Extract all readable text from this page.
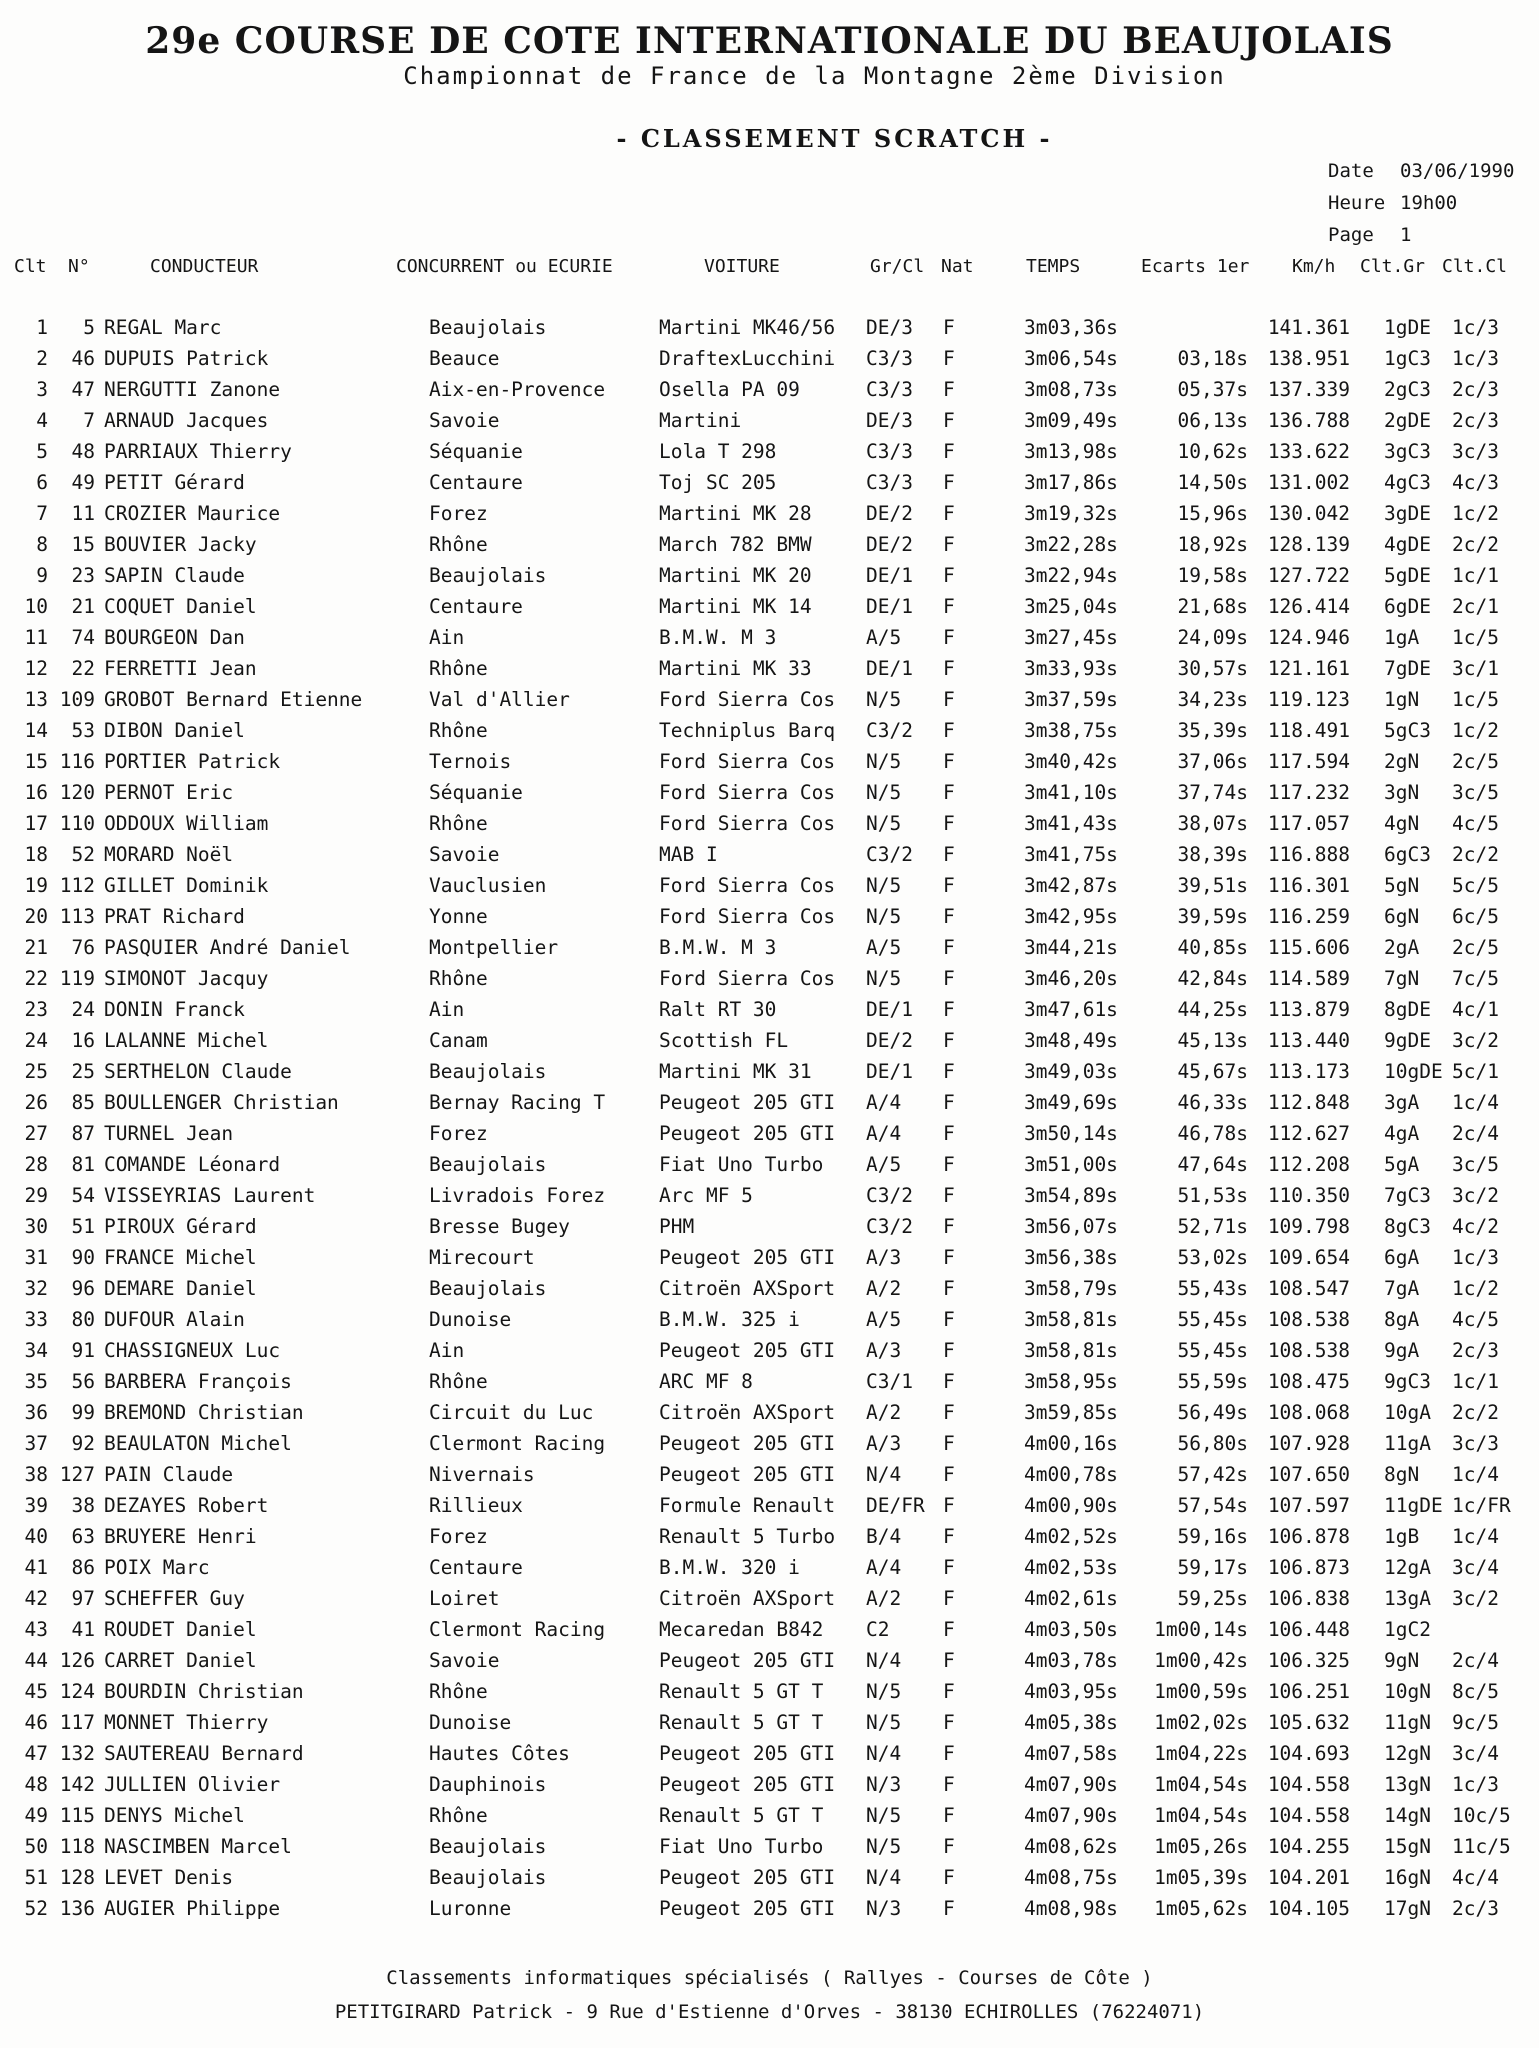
29e COURSE DE COTE INTERNATIONALE DU BEAUJOLAIS
Championnat de France de la Montagne 2ème Division
- CLASSEMENT SCRATCH -
Date 03/06/1990
Heure 19h00
Page 1
Clt N°	CONDUCTEUR	CONCURRENT ou ECURIE	VOITURE	Gr/Cl Nat	TEMPS	Ecarts 1er Km/h Clt.Gr Clt.Cl
1	5 REGAL Marc	Beaujolais	Martini MK46/56 DE/3 F	3m03,36s	141.361 1gDE 1c/3
2	46 DUPUIS Patrick	Beauce	DraftexLucchini C3/3 F	3m06,54s	03,18s 138.951 1gC3 1c/3
3	47 NERGUTTI Zanone	Aix-en-Provence	Osella PA 09	C3/3 F	3m08,73s	05,37s 137.339 2gC3 2c/3
4	7 ARNAUD Jacques	Savoie	Martini	DE/3 F	3m09,49s	06,13s 136.788 2gDE 2c/3
5	48 PARRIAUX Thierry	Séquanie	Lola T 298	C3/3 F	3m13,98s	10,62s 133.622 3gC3 3c/3
6	49 PETIT Gérard	Centaure	Toj SC 205	C3/3 F	3m17,86s	14,50s 131.002 4gC3 4c/3
7	11 CROZIER Maurice	Forez	Martini MK 28	DE/2 F	3m19,32s	15,96s 130.042 3gDE 1c/2
8	15 BOUVIER Jacky	Rhône	March 782 BMW	DE/2 F	3m22,28s	18,92s 128.139 4gDE 2c/2
9	23 SAPIN Claude	Beaujolais	Martini MK 20	DE/1 F	3m22,94s	19,58s 127.722 5gDE 1c/1
10	21 COQUET Daniel	Centaure	Martini MK 14	DE/1 F	3m25,04s	21,68s 126.414 6gDE 2c/1
11	74 BOURGEON Dan	Ain	B.M.W. M 3	A/5 F	3m27,45s	24,09s 124.946 1gA 1c/5
12	22 FERRETTI Jean	Rhône	Martini MK 33	DE/1 F	3m33,93s	30,57s 121.161 7gDE 3c/1
13 109 GROBOT Bernard Etienne	Val d'Allier	Ford Sierra Cos N/5 F	3m37,59s	34,23s 119.123 1gN 1c/5
14	53 DIBON Daniel	Rhône	Techniplus Barq C3/2 F	3m38,75s	35,39s 118.491 5gC3 1c/2
15 116 PORTIER Patrick	Ternois	Ford Sierra Cos N/5 F	3m40,42s	37,06s 117.594 2gN 2c/5
16 120 PERNOT Eric	Séquanie	Ford Sierra Cos N/5 F	3m41,10s	37,74s 117.232 3gN 3c/5
17 110 ODDOUX William	Rhône	Ford Sierra Cos N/5 F	3m41,43s	38,07s 117.057 4gN 4c/5
18	52 MORARD Noël	Savoie	MAB I	C3/2 F	3m41,75s	38,39s 116.888 6gC3 2c/2
19 112 GILLET Dominik	Vauclusien	Ford Sierra Cos N/5 F	3m42,87s	39,51s 116.301 5gN 5c/5
20 113 PRAT Richard	Yonne	Ford Sierra Cos N/5 F	3m42,95s	39,59s 116.259 6gN 6c/5
21	76 PASQUIER André Daniel	Montpellier	B.M.W. M 3	A/5 F	3m44,21s	40,85s 115.606 2gA 2c/5
22 119 SIMONOT Jacquy	Rhône	Ford Sierra Cos N/5 F	3m46,20s	42,84s 114.589 7gN 7c/5
23	24 DONIN Franck	Ain	Ralt RT 30	DE/1 F	3m47,61s	44,25s 113.879 8gDE 4c/1
24	16 LALANNE Michel	Canam	Scottish FL	DE/2 F	3m48,49s	45,13s 113.440 9gDE 3c/2
25	25 SERTHELON Claude	Beaujolais	Martini MK 31	DE/1 F	3m49,03s	45,67s 113.173 10gDE 5c/1
26	85 BOULLENGER Christian	Bernay Racing T	Peugeot 205 GTI A/4 F	3m49,69s	46,33s 112.848 3gA 1c/4
27	87 TURNEL Jean	Forez	Peugeot 205 GTI A/4 F	3m50,14s	46,78s 112.627 4gA 2c/4
28	81 COMANDE Léonard	Beaujolais	Fiat Uno Turbo A/5 F	3m51,00s	47,64s 112.208 5gA 3c/5
29	54 VISSEYRIAS Laurent	Livradois Forez	Arc MF 5	C3/2 F	3m54,89s	51,53s 110.350 7gC3 3c/2
30	51 PIROUX Gérard	Bresse Bugey	PHM	C3/2 F	3m56,07s	52,71s 109.798 8gC3 4c/2
31	90 FRANCE Michel	Mirecourt	Peugeot 205 GTI A/3 F	3m56,38s	53,02s 109.654 6gA 1c/3
32	96 DEMARE Daniel	Beaujolais	Citroën AXSport A/2 F	3m58,79s	55,43s 108.547 7gA 1c/2
33	80 DUFOUR Alain	Dunoise	B.M.W. 325 i	A/5 F	3m58,81s	55,45s 108.538 8gA 4c/5
34	91 CHASSIGNEUX Luc	Ain	Peugeot 205 GTI A/3 F	3m58,81s	55,45s 108.538 9gA 2c/3
35	56 BARBERA François	Rhône	ARC MF 8	C3/1 F	3m58,95s	55,59s 108.475 9gC3 1c/1
36	99 BREMOND Christian	Circuit du Luc	Citroën AXSport A/2 F	3m59,85s	56,49s 108.068 10gA 2c/2
37	92 BEAULATON Michel	Clermont Racing	Peugeot 205 GTI A/3 F	4m00,16s	56,80s 107.928 11gA 3c/3
38 127 PAIN Claude	Nivernais	Peugeot 205 GTI N/4 F	4m00,78s	57,42s 107.650 8gN 1c/4
39	38 DEZAYES Robert	Rillieux	Formule Renault DE/FR F	4m00,90s	57,54s 107.597 11gDE 1c/FR
40	63 BRUYERE Henri	Forez	Renault 5 Turbo B/4 F	4m02,52s	59,16s 106.878 1gB 1c/4
41	86 POIX Marc	Centaure	B.M.W. 320 i	A/4 F	4m02,53s	59,17s 106.873 12gA 3c/4
42	97 SCHEFFER Guy	Loiret	Citroën AXSport A/2 F	4m02,61s	59,25s 106.838 13gA 3c/2
43	41 ROUDET Daniel	Clermont Racing	Mecaredan B842 C2	F	4m03,50s	1m00,14s 106.448 1gC2
44 126 CARRET Daniel	Savoie	Peugeot 205 GTI N/4 F	4m03,78s	1m00,42s 106.325 9gN 2c/4
45 124 BOURDIN Christian	Rhône	Renault 5 GT T N/5 F	4m03,95s	1m00,59s 106.251 10gN 8c/5
46 117 MONNET Thierry	Dunoise	Renault 5 GT T N/5 F	4m05,38s	1m02,02s 105.632 11gN 9c/5
47 132 SAUTEREAU Bernard	Hautes Côtes	Peugeot 205 GTI N/4 F	4m07,58s	1m04,22s 104.693 12gN 3c/4
48 142 JULLIEN Olivier	Dauphinois	Peugeot 205 GTI N/3 F	4m07,90s	1m04,54s 104.558 13gN 1c/3
49 115 DENYS Michel	Rhône	Renault 5 GT T N/5 F	4m07,90s	1m04,54s 104.558 14gN 10c/5
50 118 NASCIMBEN Marcel	Beaujolais	Fiat Uno Turbo N/5 F	4m08,62s	1m05,26s 104.255 15gN 11c/5
51 128 LEVET Denis	Beaujolais	Peugeot 205 GTI N/4 F	4m08,75s	1m05,39s 104.201 16gN 4c/4
52 136 AUGIER Philippe	Luronne	Peugeot 205 GTI N/3 F	4m08,98s	1m05,62s 104.105 17gN 2c/3
Classements informatiques spécialisés ( Rallyes - Courses de Côte )
PETITGIRARD Patrick - 9 Rue d'Estienne d'Orves - 38130 ECHIROLLES (76224071)
